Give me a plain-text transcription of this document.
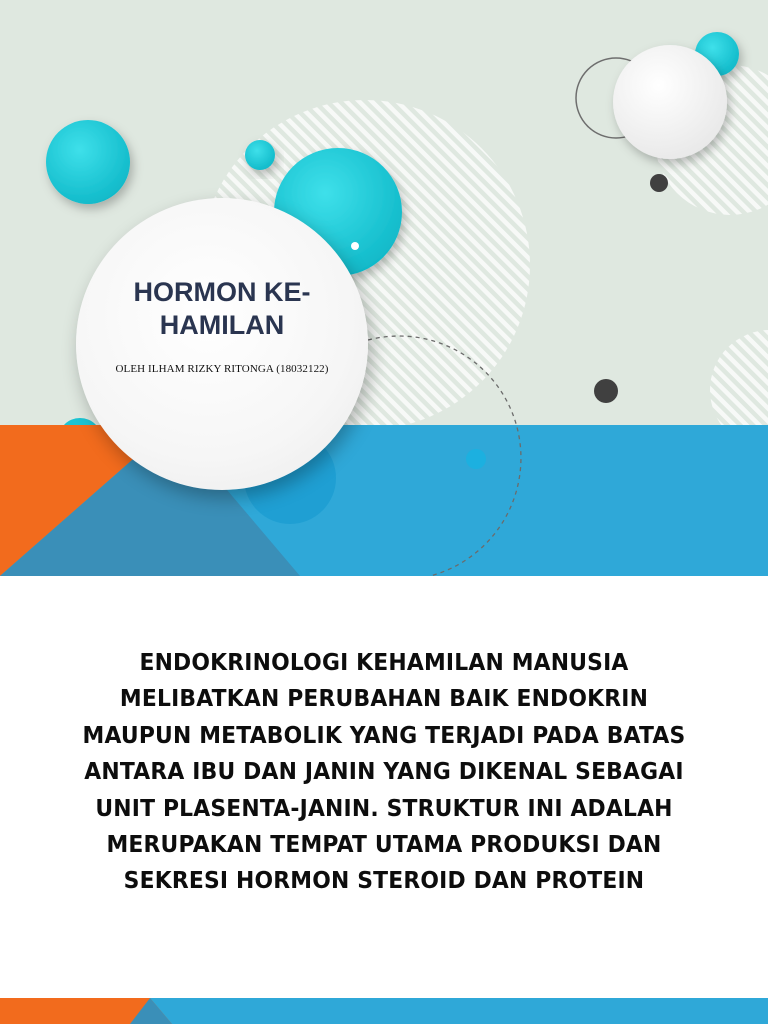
HORMON KE-HAMILAN
OLEH ILHAM RIZKY RITONGA (18032122)
ENDOKRINOLOGI KEHAMILAN MANUSIA MELIBATKAN PERUBAHAN BAIK ENDOKRIN MAUPUN METABOLIK YANG TERJADI PADA BATAS ANTARA IBU DAN JANIN YANG DIKENAL SEBAGAI UNIT PLASENTA-JANIN. STRUKTUR INI ADALAH MERUPAKAN TEMPAT UTAMA PRODUKSI DAN SEKRESI HORMON STEROID DAN PROTEIN
